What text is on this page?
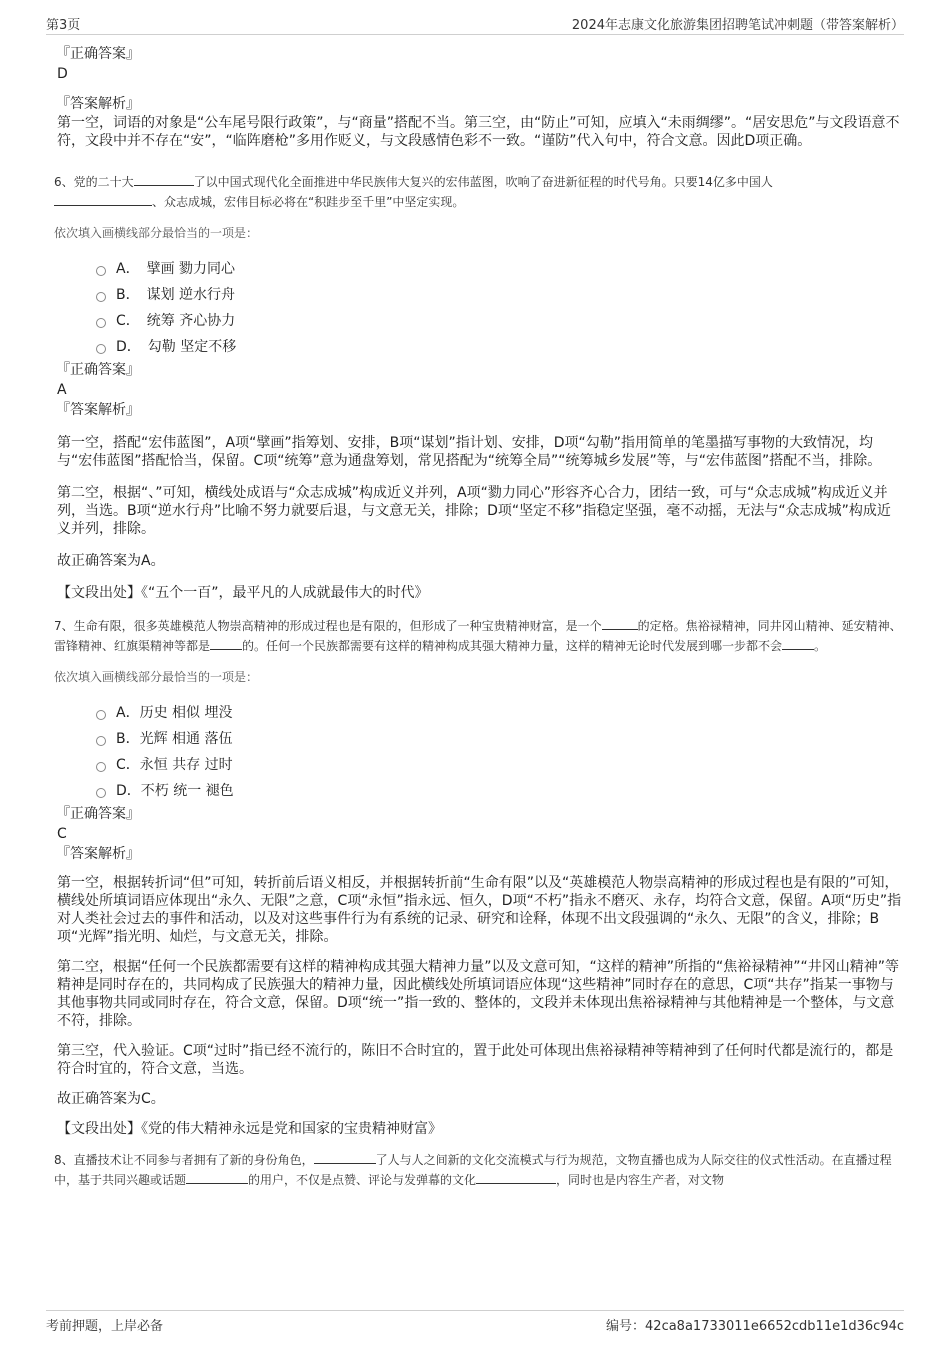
第3页	2024年志康文化旅游集团招聘笔试冲刺题（带答案解析）
『正确答案』
D
『答案解析』
第一空，词语的对象是“公车尾号限行政策”，与“商量”搭配不当。第三空，由“防止”可知，应填入“未雨绸缪”。“居安思危”与文段语意不符，文段中并不存在“安”，“临阵磨枪”多用作贬义，与文段感情色彩不一致。“谨防”代入句中，符合文意。因此D项正确。
6、党的二十大	了以中国式现代化全面推进中华民族伟大复兴的宏伟蓝图，吹响了奋进新征程的时代号角。只要14亿多中国人
、众志成城，宏伟目标必将在“积跬步至千里”中坚定实现。
依次填入画横线部分最恰当的一项是：
A．　擘画 勠力同心
B．　谋划 逆水行舟
C．　统筹 齐心协力
D．　勾勒 坚定不移
『正确答案』
A
『答案解析』
第一空，搭配“宏伟蓝图”，A项“擘画”指筹划、安排，B项“谋划”指计划、安排，D项“勾勒”指用简单的笔墨描写事物的大致情况，均与“宏伟蓝图”搭配恰当，保留。C项“统筹”意为通盘筹划，常见搭配为“统筹全局”“统筹城乡发展”等，与“宏伟蓝图”搭配不当，排除。
第二空，根据“、”可知，横线处成语与“众志成城”构成近义并列，A项“勠力同心”形容齐心合力，团结一致，可与“众志成城”构成近义并列，当选。B项“逆水行舟”比喻不努力就要后退，与文意无关，排除；D项“坚定不移”指稳定坚强，毫不动摇，无法与“众志成城”构成近义并列，排除。
故正确答案为A。
【文段出处】《“五个一百”，最平凡的人成就最伟大的时代》
7、生命有限，很多英雄模范人物崇高精神的形成过程也是有限的，但形成了一种宝贵精神财富，是一个	的定格。焦裕禄精神，同井冈山精神、延安精神、雷锋精神、红旗渠精神等都是	的。任何一个民族都需要有这样的精神构成其强大精神力量，这样的精神无论时代发展到哪一步都不会	。
依次填入画横线部分最恰当的一项是：
A．历史 相似 埋没
B．光辉 相通 落伍
C．永恒 共存 过时
D．不朽 统一 褪色
『正确答案』
C
『答案解析』
第一空，根据转折词“但”可知，转折前后语义相反，并根据转折前“生命有限”以及“英雄模范人物崇高精神的形成过程也是有限的”可知，横线处所填词语应体现出“永久、无限”之意，C项“永恒”指永远、恒久，D项“不朽”指永不磨灭、永存，均符合文意，保留。A项“历史”指对人类社会过去的事件和活动，以及对这些事件行为有系统的记录、研究和诠释，体现不出文段强调的“永久、无限”的含义，排除；B项“光辉”指光明、灿烂，与文意无关，排除。
第二空，根据“任何一个民族都需要有这样的精神构成其强大精神力量”以及文意可知，“这样的精神”所指的“焦裕禄精神”“井冈山精神”等精神是同时存在的，共同构成了民族强大的精神力量，因此横线处所填词语应体现“这些精神”同时存在的意思，C项“共存”指某一事物与其他事物共同或同时存在，符合文意，保留。D项“统一”指一致的、整体的，文段并未体现出焦裕禄精神与其他精神是一个整体，与文意不符，排除。
第三空，代入验证。C项“过时”指已经不流行的，陈旧不合时宜的，置于此处可体现出焦裕禄精神等精神到了任何时代都是流行的，都是符合时宜的，符合文意，当选。
故正确答案为C。
【文段出处】《党的伟大精神永远是党和国家的宝贵精神财富》
8、直播技术让不同参与者拥有了新的身份角色，	了人与人之间新的文化交流模式与行为规范，文物直播也成为人际交往的仪式性活动。在直播过程中，基于共同兴趣或话题	的用户，不仅是点赞、评论与发弹幕的文化	，同时也是内容生产者，对文物
考前押题，上岸必备	编号：42ca8a1733011e6652cdb11e1d36c94c
